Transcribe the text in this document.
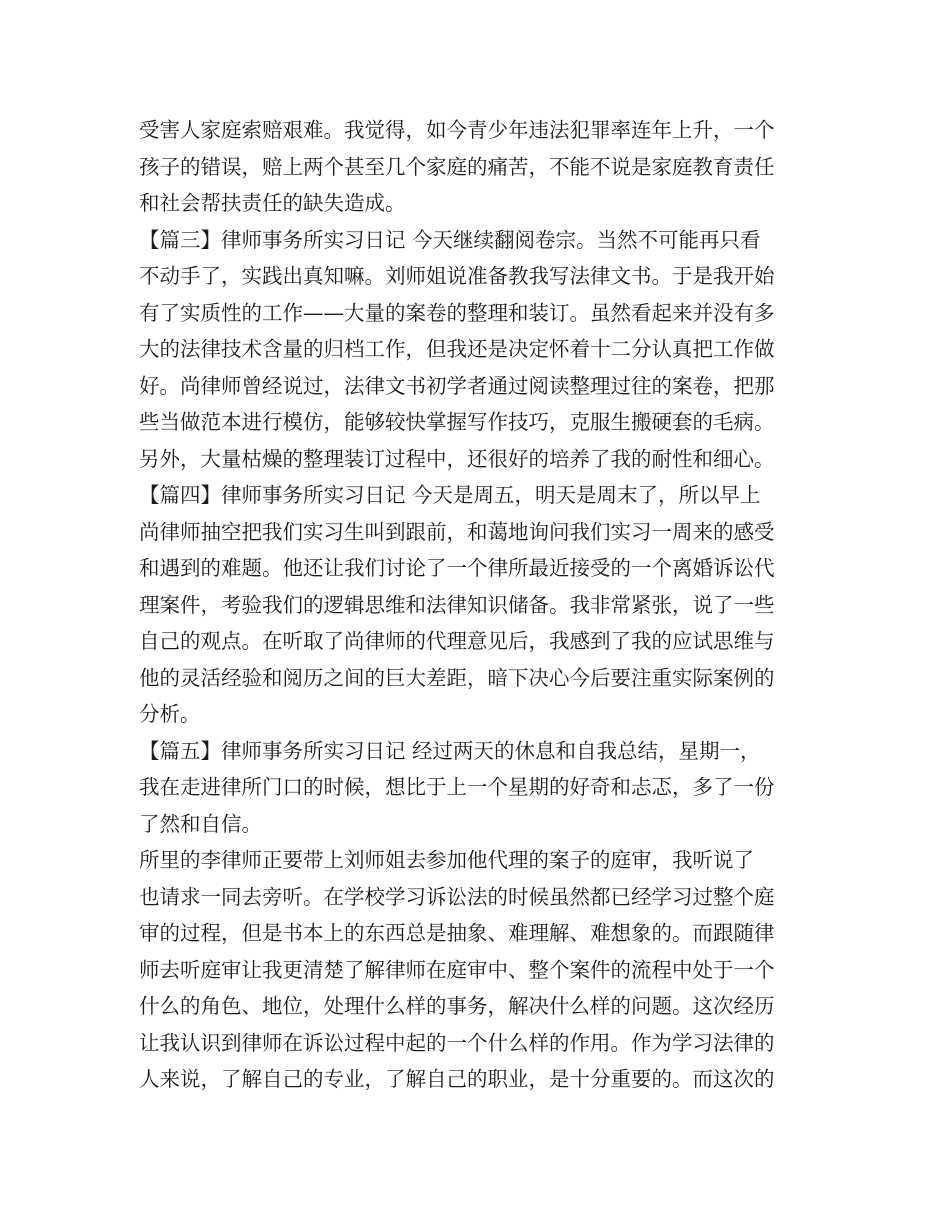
受害人家庭索赔艰难。我觉得，如今青少年违法犯罪率连年上升，一个
孩子的错误，赔上两个甚至几个家庭的痛苦，不能不说是家庭教育责任
和社会帮扶责任的缺失造成。
【篇三】律师事务所实习日记 今天继续翻阅卷宗。当然不可能再只看
不动手了，实践出真知嘛。刘师姐说准备教我写法律文书。于是我开始
有了实质性的工作——大量的案卷的整理和装订。虽然看起来并没有多
大的法律技术含量的归档工作，但我还是决定怀着十二分认真把工作做
好。尚律师曾经说过，法律文书初学者通过阅读整理过往的案卷，把那
些当做范本进行模仿，能够较快掌握写作技巧，克服生搬硬套的毛病。
另外，大量枯燥的整理装订过程中，还很好的培养了我的耐性和细心。
【篇四】律师事务所实习日记 今天是周五，明天是周末了，所以早上
尚律师抽空把我们实习生叫到跟前，和蔼地询问我们实习一周来的感受
和遇到的难题。他还让我们讨论了一个律所最近接受的一个离婚诉讼代
理案件，考验我们的逻辑思维和法律知识储备。我非常紧张，说了一些
自己的观点。在听取了尚律师的代理意见后，我感到了我的应试思维与
他的灵活经验和阅历之间的巨大差距，暗下决心今后要注重实际案例的
分析。
【篇五】律师事务所实习日记 经过两天的休息和自我总结，星期一，
我在走进律所门口的时候，想比于上一个星期的好奇和忐忑，多了一份
了然和自信。
所里的李律师正要带上刘师姐去参加他代理的案子的庭审，我听说了
也请求一同去旁听。在学校学习诉讼法的时候虽然都已经学习过整个庭
审的过程，但是书本上的东西总是抽象、难理解、难想象的。而跟随律
师去听庭审让我更清楚了解律师在庭审中、整个案件的流程中处于一个
什么的角色、地位，处理什么样的事务，解决什么样的问题。这次经历
让我认识到律师在诉讼过程中起的一个什么样的作用。作为学习法律的
人来说，了解自己的专业，了解自己的职业，是十分重要的。而这次的
